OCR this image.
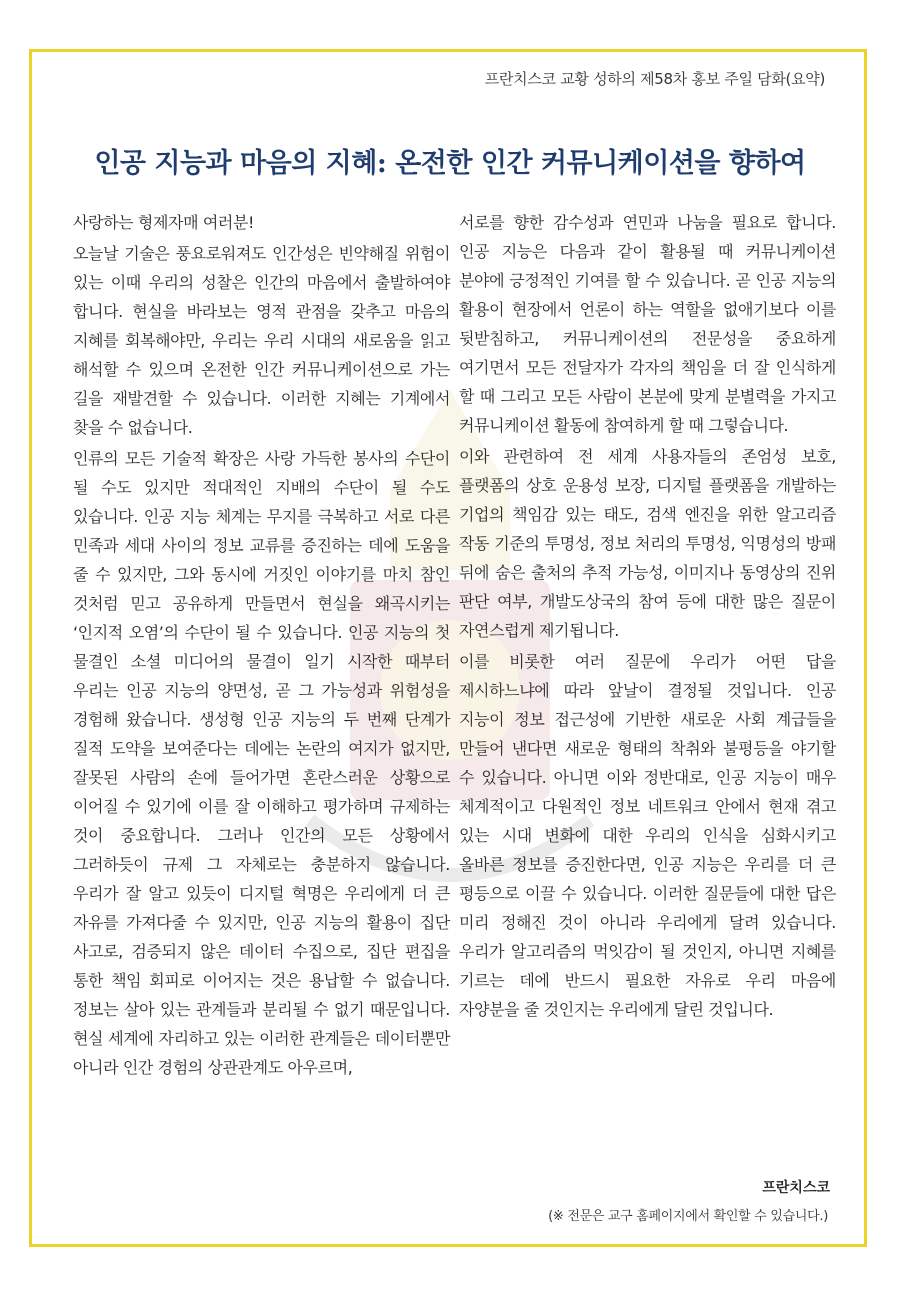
프란치스코 교황 성하의 제58차 홍보 주일 담화(요약)
인공 지능과 마음의 지혜: 온전한 인간 커뮤니케이션을 향하여

사랑하는 형제자매 여러분!

오늘날 기술은 풍요로워져도 인간성은 빈약해질 위험이 있는 이때 우리의 성찰은 인간의 마음에서 출발하여야 합니다. 현실을 바라보는 영적 관점을 갖추고 마음의 지혜를 회복해야만, 우리는 우리 시대의 새로움을 읽고 해석할 수 있으며 온전한 인간 커뮤니케이션으로 가는 길을 재발견할 수 있습니다. 이러한 지혜는 기계에서 찾을 수 없습니다.

인류의 모든 기술적 확장은 사랑 가득한 봉사의 수단이 될 수도 있지만 적대적인 지배의 수단이 될 수도 있습니다. 인공 지능 체계는 무지를 극복하고 서로 다른 민족과 세대 사이의 정보 교류를 증진하는 데에 도움을 줄 수 있지만, 그와 동시에 거짓인 이야기를 마치 참인 것처럼 믿고 공유하게 만들면서 현실을 왜곡시키는 ‘인지적 오염’의 수단이 될 수 있습니다. 인공 지능의 첫 물결인 소셜 미디어의 물결이 일기 시작한 때부터 우리는 인공 지능의 양면성, 곧 그 가능성과 위험성을 경험해 왔습니다. 생성형 인공 지능의 두 번째 단계가 질적 도약을 보여준다는 데에는 논란의 여지가 없지만, 잘못된 사람의 손에 들어가면 혼란스러운 상황으로 이어질 수 있기에 이를 잘 이해하고 평가하며 규제하는 것이 중요합니다. 그러나 인간의 모든 상황에서 그러하듯이 규제 그 자체로는 충분하지 않습니다. 우리가 잘 알고 있듯이 디지털 혁명은 우리에게 더 큰 자유를 가져다줄 수 있지만, 인공 지능의 활용이 집단 사고로, 검증되지 않은 데이터 수집으로, 집단 편집을 통한 책임 회피로 이어지는 것은 용납할 수 없습니다. 정보는 살아 있는 관계들과 분리될 수 없기 때문입니다. 현실 세계에 자리하고 있는 이러한 관계들은 데이터뿐만 아니라 인간 경험의 상관관계도 아우르며,

서로를 향한 감수성과 연민과 나눔을 필요로 합니다. 인공 지능은 다음과 같이 활용될 때 커뮤니케이션 분야에 긍정적인 기여를 할 수 있습니다. 곧 인공 지능의 활용이 현장에서 언론이 하는 역할을 없애기보다 이를 뒷받침하고, 커뮤니케이션의 전문성을 중요하게 여기면서 모든 전달자가 각자의 책임을 더 잘 인식하게 할 때 그리고 모든 사람이 본분에 맞게 분별력을 가지고 커뮤니케이션 활동에 참여하게 할 때 그렇습니다.

이와 관련하여 전 세계 사용자들의 존엄성 보호, 플랫폼의 상호 운용성 보장, 디지털 플랫폼을 개발하는 기업의 책임감 있는 태도, 검색 엔진을 위한 알고리즘 작동 기준의 투명성, 정보 처리의 투명성, 익명성의 방패 뒤에 숨은 출처의 추적 가능성, 이미지나 동영상의 진위 판단 여부, 개발도상국의 참여 등에 대한 많은 질문이 자연스럽게 제기됩니다.

이를 비롯한 여러 질문에 우리가 어떤 답을 제시하느냐에 따라 앞날이 결정될 것입니다. 인공 지능이 정보 접근성에 기반한 새로운 사회 계급들을 만들어 낸다면 새로운 형태의 착취와 불평등을 야기할 수 있습니다. 아니면 이와 정반대로, 인공 지능이 매우 체계적이고 다원적인 정보 네트워크 안에서 현재 겪고 있는 시대 변화에 대한 우리의 인식을 심화시키고 올바른 정보를 증진한다면, 인공 지능은 우리를 더 큰 평등으로 이끌 수 있습니다. 이러한 질문들에 대한 답은 미리 정해진 것이 아니라 우리에게 달려 있습니다. 우리가 알고리즘의 먹잇감이 될 것인지, 아니면 지혜를 기르는 데에 반드시 필요한 자유로 우리 마음에 자양분을 줄 것인지는 우리에게 달린 것입니다.

프란치스코
(※ 전문은 교구 홈페이지에서 확인할 수 있습니다.)
